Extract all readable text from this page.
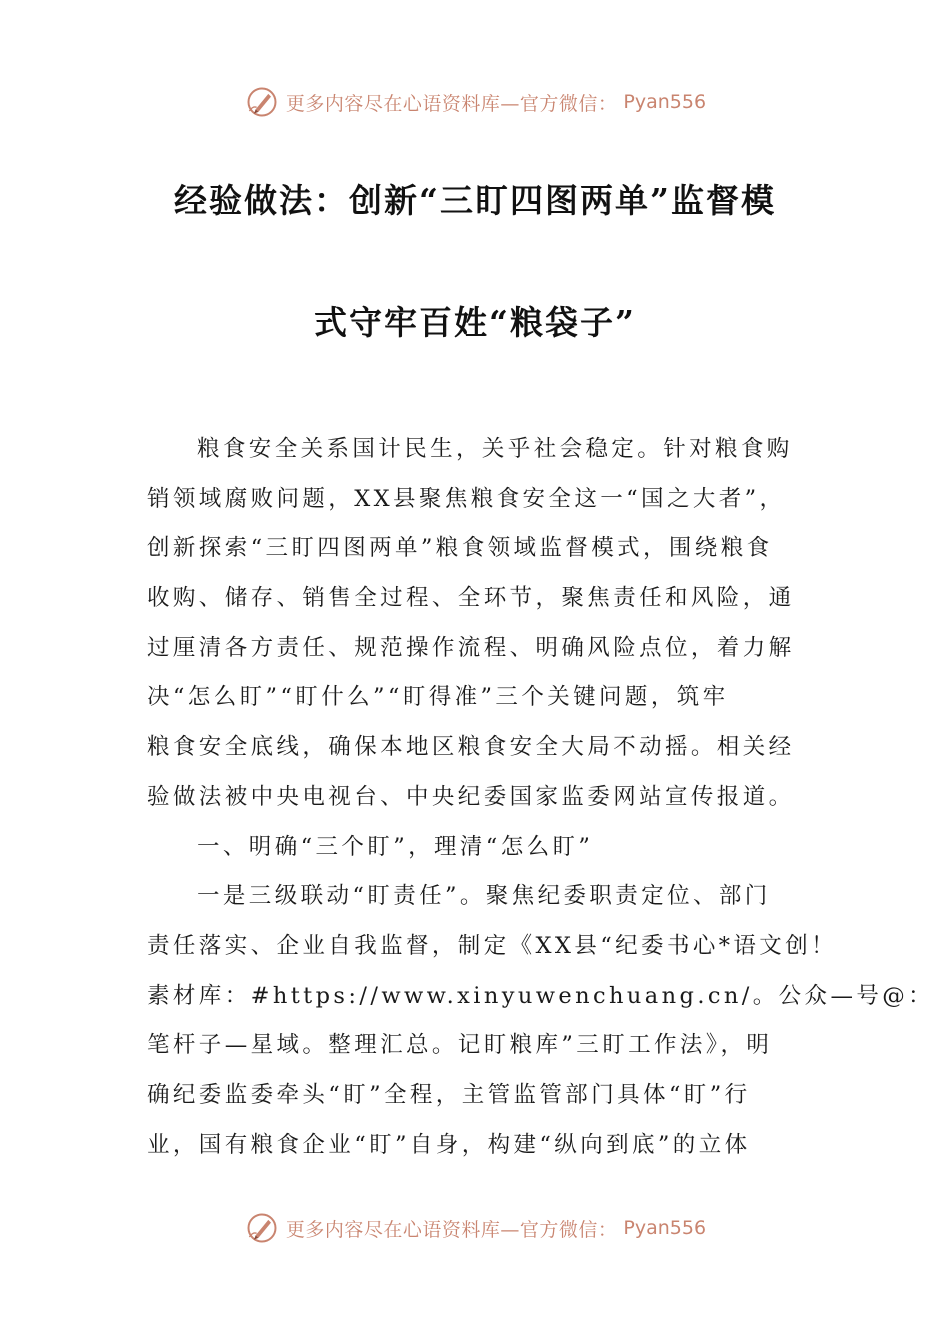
更多内容尽在心语资料库—官方微信： Pyan556
经验做法：创新“三盯四图两单”监督模
式守牢百姓“粮袋子”
粮食安全关系国计民生，关乎社会稳定。针对粮食购
销领域腐败问题，XX县聚焦粮食安全这一“国之大者”，
创新探索“三盯四图两单”粮食领域监督模式，围绕粮食
收购、储存、销售全过程、全环节，聚焦责任和风险，通
过厘清各方责任、规范操作流程、明确风险点位，着力解
决“怎么盯”“盯什么”“盯得准”三个关键问题，筑牢
粮食安全底线，确保本地区粮食安全大局不动摇。相关经
验做法被中央电视台、中央纪委国家监委网站宣传报道。
一、明确“三个盯”，理清“怎么盯”
一是三级联动“盯责任”。聚焦纪委职责定位、部门
责任落实、企业自我监督，制定《XX县“纪委书心*语文创！
素材库：#https://www.xinyuwenchuang.cn/。公众—号@：
笔杆子—星域。整理汇总。记盯粮库”三盯工作法》，明
确纪委监委牵头“盯”全程，主管监管部门具体“盯”行
业，国有粮食企业“盯”自身，构建“纵向到底”的立体
更多内容尽在心语资料库—官方微信： Pyan556
